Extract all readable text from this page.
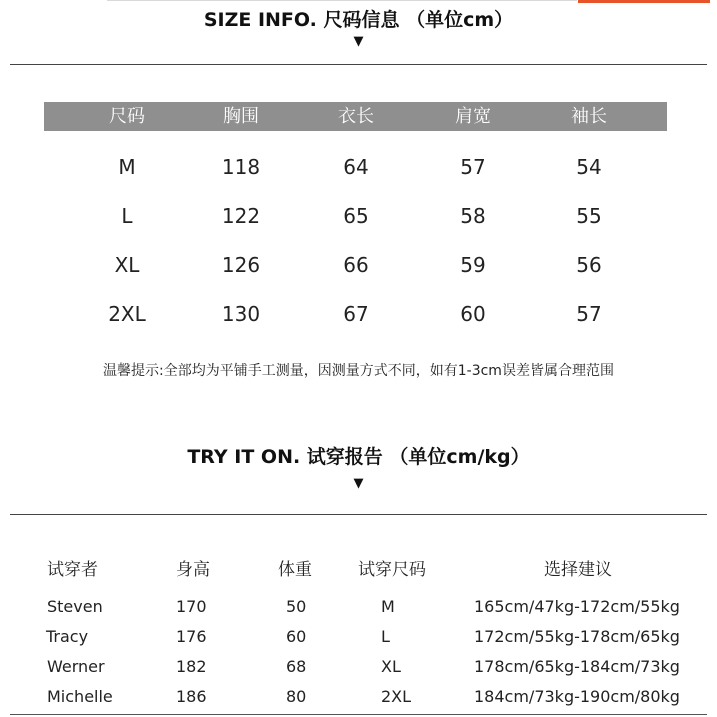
SIZE INFO. 尺码信息 （单位cm）
▼
尺码	胸围	衣长	肩宽	袖长
M	118	64	57	54
L	122	65	58	55
XL	126	66	59	56
2XL	130	67	60	57
温馨提示:全部均为平铺手工测量，因测量方式不同，如有1-3cm误差皆属合理范围
TRY IT ON. 试穿报告 （单位cm/kg）
▼
试穿者	身高	体重	试穿尺码	选择建议
Steven	170	50	M	165cm/47kg-172cm/55kg
Tracy	176	60	L	172cm/55kg-178cm/65kg
Werner	182	68	XL	178cm/65kg-184cm/73kg
Michelle	186	80	2XL	184cm/73kg-190cm/80kg
